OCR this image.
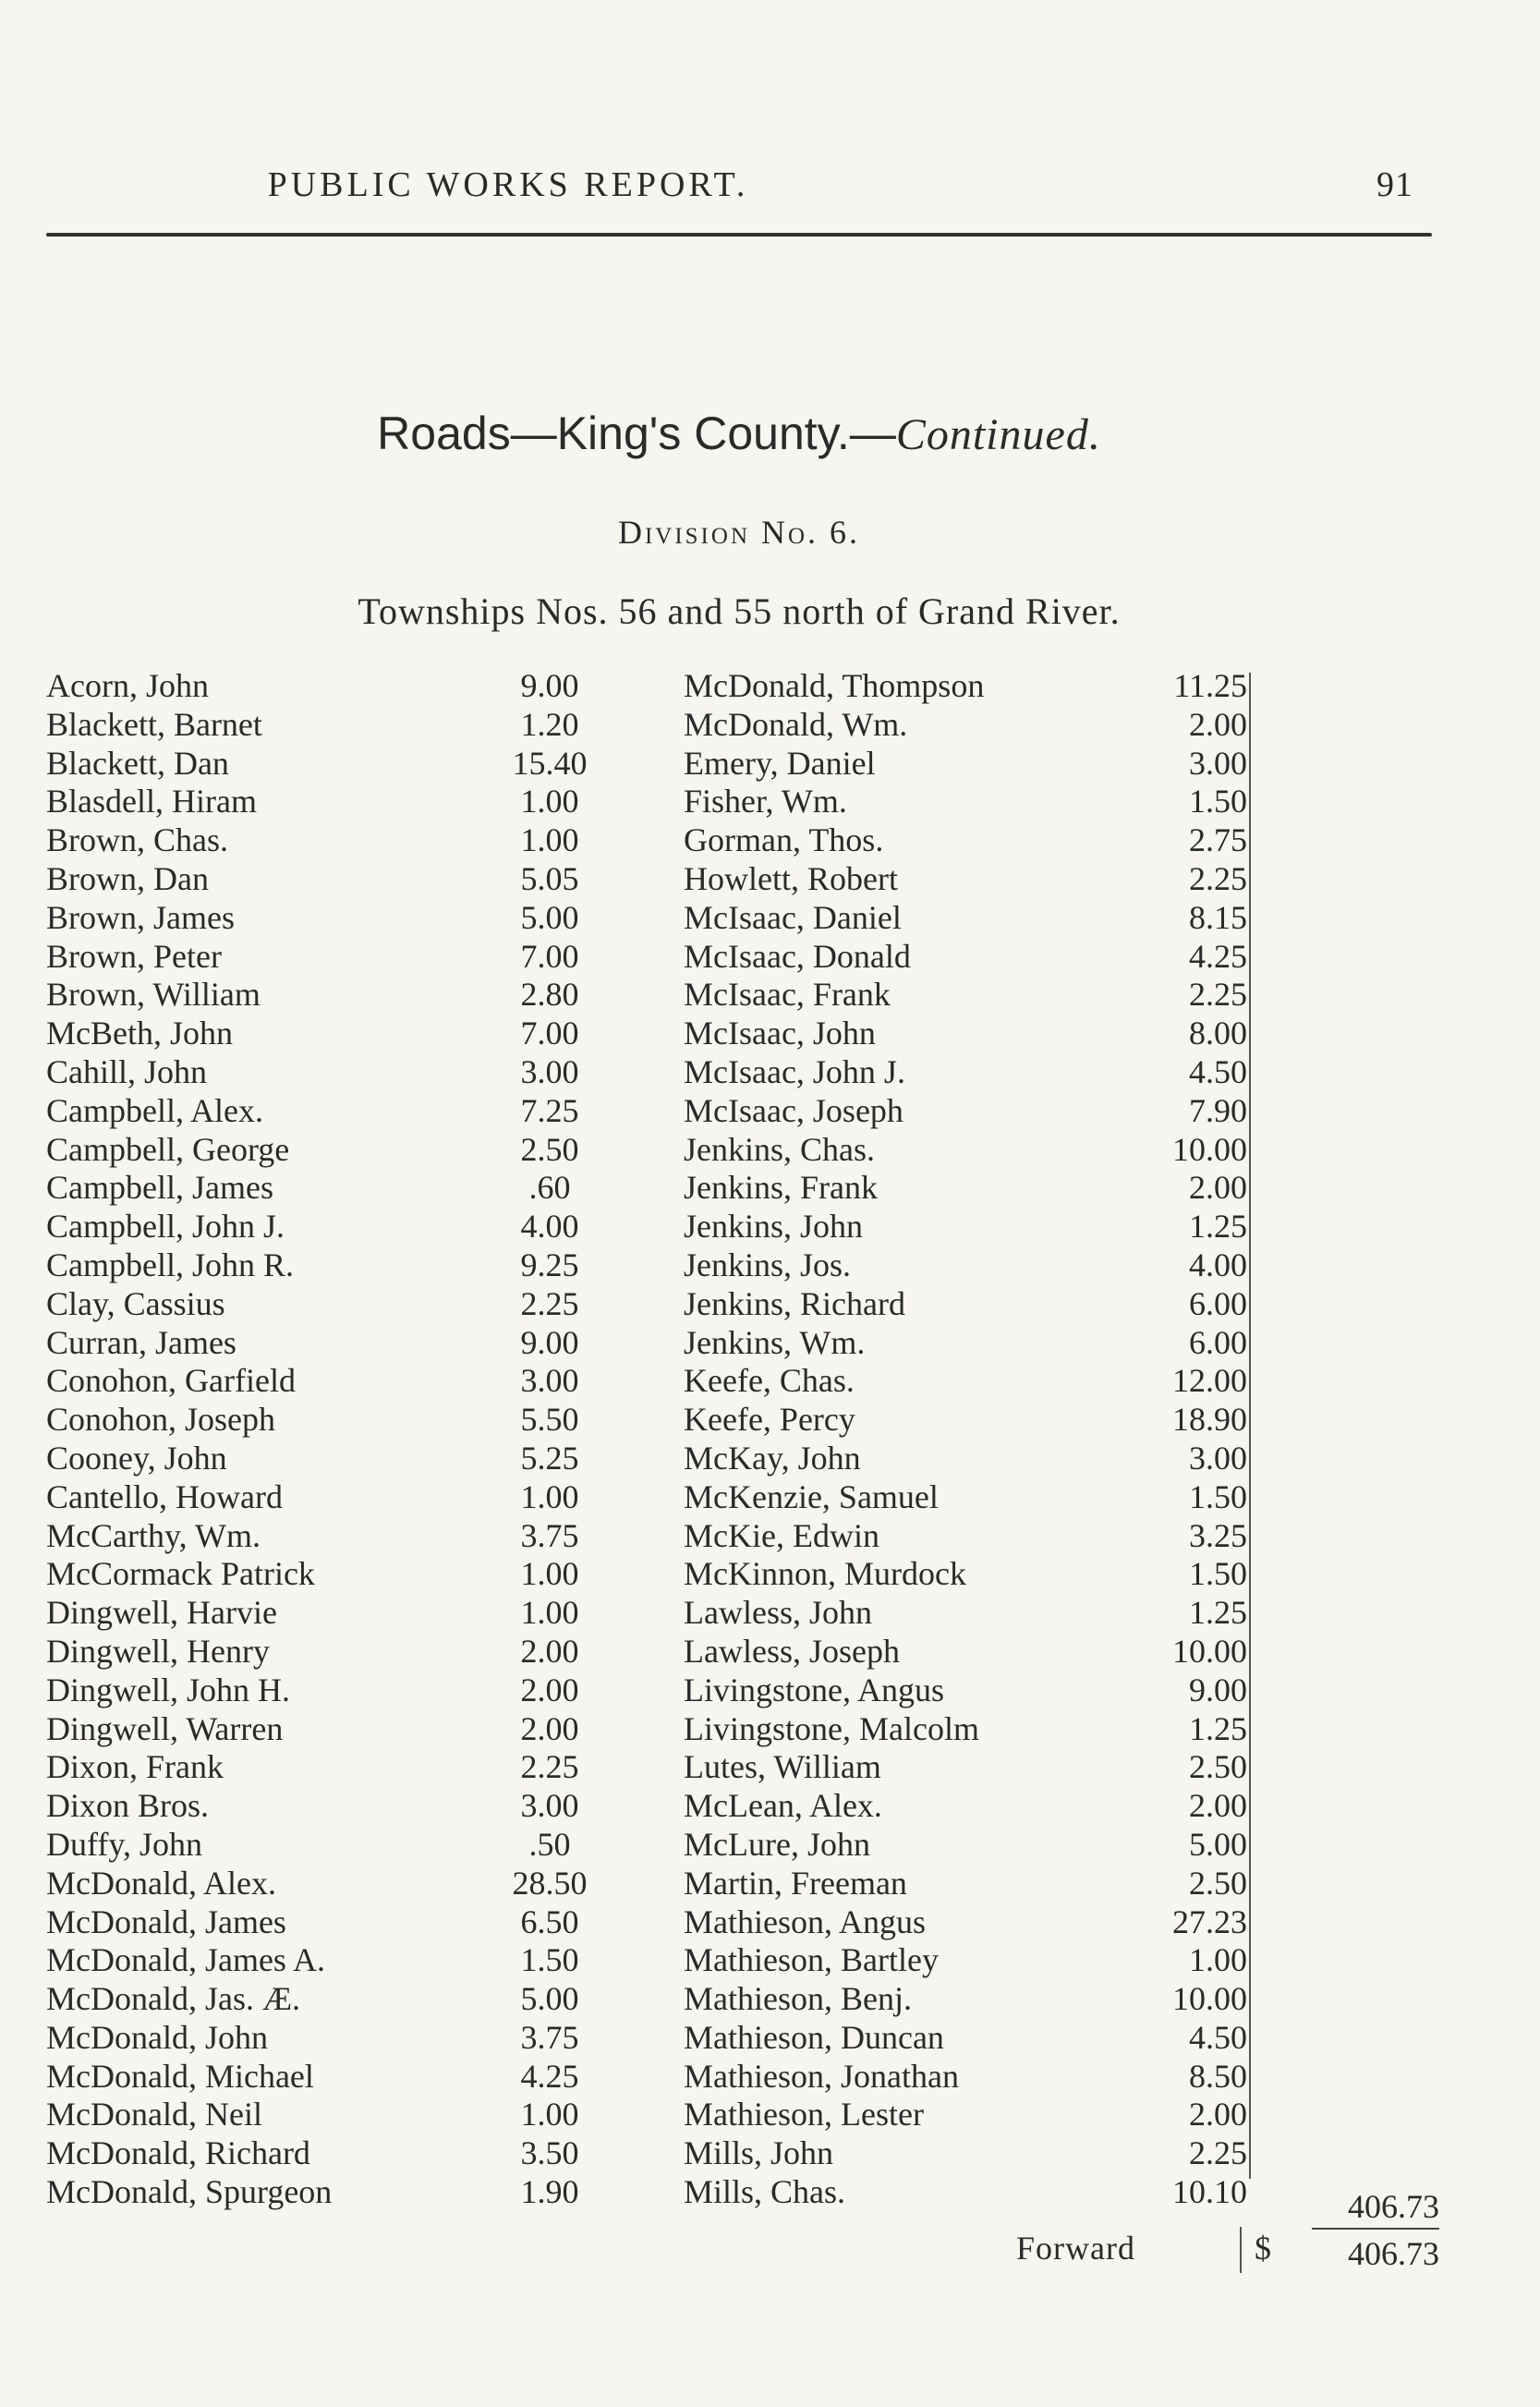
PUBLIC WORKS REPORT.	91
Roads—King's County.—Continued.
Division No. 6.
Townships Nos. 56 and 55 north of Grand River.
Acorn, John	9.00
Blackett, Barnet	1.20
Blackett, Dan	15.40
Blasdell, Hiram	1.00
Brown, Chas.	1.00
Brown, Dan	5.05
Brown, James	5.00
Brown, Peter	7.00
Brown, William	2.80
McBeth, John	7.00
Cahill, John	3.00
Campbell, Alex.	7.25
Campbell, George	2.50
Campbell, James	.60
Campbell, John J.	4.00
Campbell, John R.	9.25
Clay, Cassius	2.25
Curran, James	9.00
Conohon, Garfield	3.00
Conohon, Joseph	5.50
Cooney, John	5.25
Cantello, Howard	1.00
McCarthy, Wm.	3.75
McCormack Patrick	1.00
Dingwell, Harvie	1.00
Dingwell, Henry	2.00
Dingwell, John H.	2.00
Dingwell, Warren	2.00
Dixon, Frank	2.25
Dixon Bros.	3.00
Duffy, John	.50
McDonald, Alex.	28.50
McDonald, James	6.50
McDonald, James A.	1.50
McDonald, Jas. Æ.	5.00
McDonald, John	3.75
McDonald, Michael	4.25
McDonald, Neil	1.00
McDonald, Richard	3.50
McDonald, Spurgeon	1.90
McDonald, Thompson	11.25
McDonald, Wm.	2.00
Emery, Daniel	3.00
Fisher, Wm.	1.50
Gorman, Thos.	2.75
Howlett, Robert	2.25
McIsaac, Daniel	8.15
McIsaac, Donald	4.25
McIsaac, Frank	2.25
McIsaac, John	8.00
McIsaac, John J.	4.50
McIsaac, Joseph	7.90
Jenkins, Chas.	10.00
Jenkins, Frank	2.00
Jenkins, John	1.25
Jenkins, Jos.	4.00
Jenkins, Richard	6.00
Jenkins, Wm.	6.00
Keefe, Chas.	12.00
Keefe, Percy	18.90
McKay, John	3.00
McKenzie, Samuel	1.50
McKie, Edwin	3.25
McKinnon, Murdock	1.50
Lawless, John	1.25
Lawless, Joseph	10.00
Livingstone, Angus	9.00
Livingstone, Malcolm	1.25
Lutes, William	2.50
McLean, Alex.	2.00
McLure, John	5.00
Martin, Freeman	2.50
Mathieson, Angus	27.23
Mathieson, Bartley	1.00
Mathieson, Benj.	10.00
Mathieson, Duncan	4.50
Mathieson, Jonathan	8.50
Mathieson, Lester	2.00
Mills, John	2.25
Mills, Chas.	10.10	406.73
Forward	$	406.73
